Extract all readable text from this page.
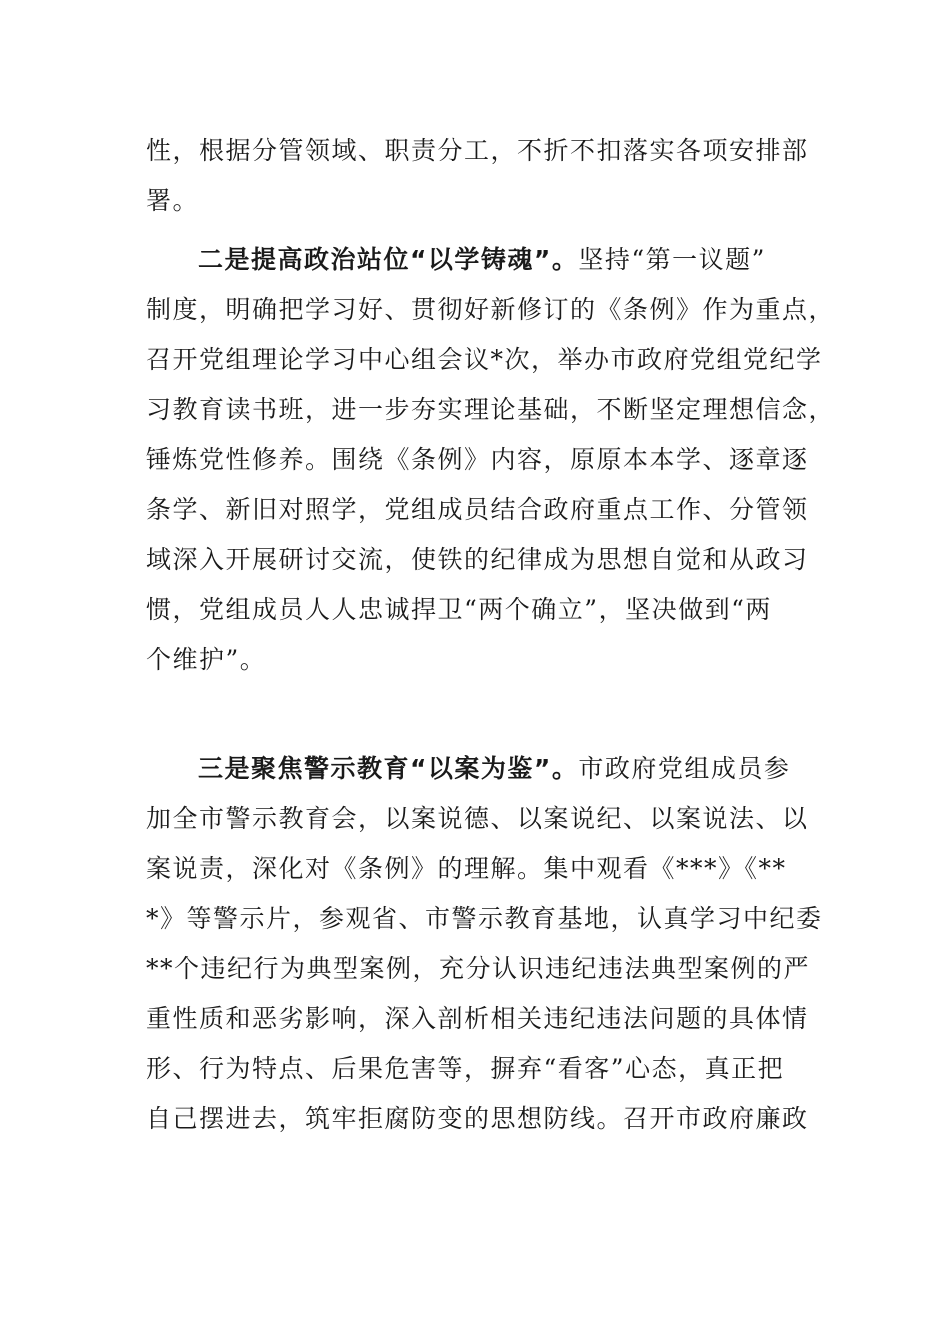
性，根据分管领域、职责分工，不折不扣落实各项安排部
署。
二是提高政治站位“以学铸魂”。坚持“第一议题”
制度，明确把学习好、贯彻好新修订的《条例》作为重点，
召开党组理论学习中心组会议*次，举办市政府党组党纪学
习教育读书班，进一步夯实理论基础，不断坚定理想信念，
锤炼党性修养。围绕《条例》内容，原原本本学、逐章逐
条学、新旧对照学，党组成员结合政府重点工作、分管领
域深入开展研讨交流，使铁的纪律成为思想自觉和从政习
惯，党组成员人人忠诚捍卫“两个确立”，坚决做到“两
个维护”。
三是聚焦警示教育“以案为鉴”。市政府党组成员参
加全市警示教育会，以案说德、以案说纪、以案说法、以
案说责，深化对《条例》的理解。集中观看《***》《**
*》等警示片，参观省、市警示教育基地，认真学习中纪委
**个违纪行为典型案例，充分认识违纪违法典型案例的严
重性质和恶劣影响，深入剖析相关违纪违法问题的具体情
形、行为特点、后果危害等，摒弃“看客”心态，真正把
自己摆进去，筑牢拒腐防变的思想防线。召开市政府廉政
